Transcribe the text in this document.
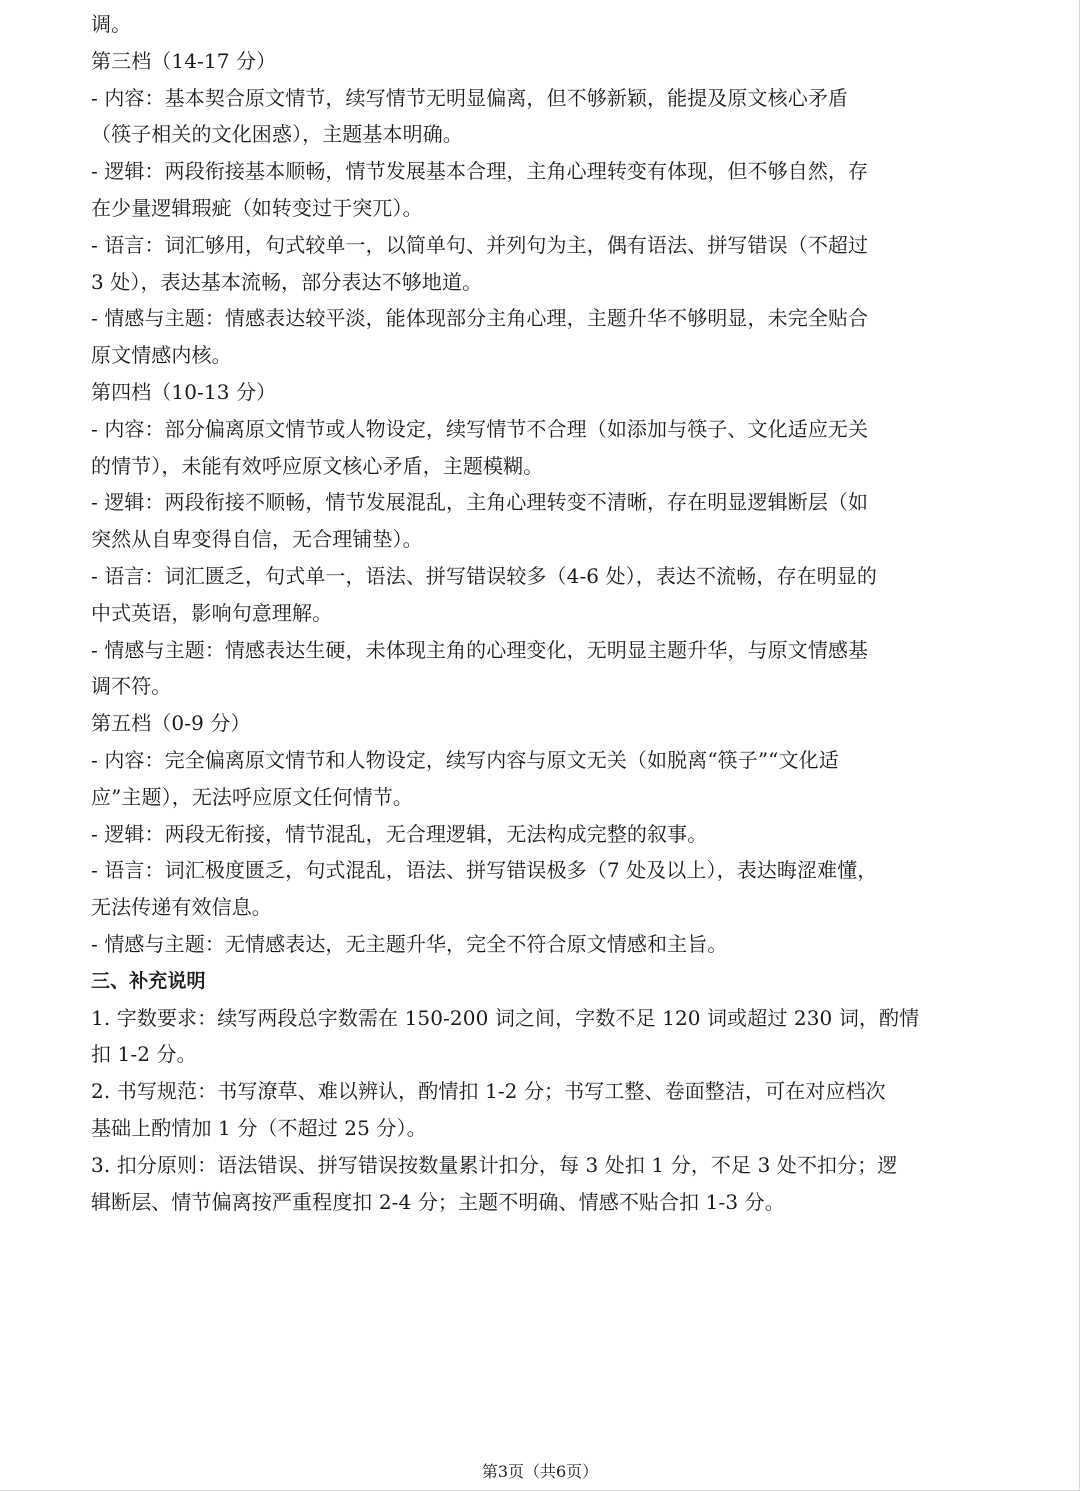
调。
第三档（14-17 分）
- 内容：基本契合原文情节，续写情节无明显偏离，但不够新颖，能提及原文核心矛盾
（筷子相关的文化困惑），主题基本明确。
- 逻辑：两段衔接基本顺畅，情节发展基本合理，主角心理转变有体现，但不够自然，存
在少量逻辑瑕疵（如转变过于突兀）。
- 语言：词汇够用，句式较单一，以简单句、并列句为主，偶有语法、拼写错误（不超过
3 处），表达基本流畅，部分表达不够地道。
- 情感与主题：情感表达较平淡，能体现部分主角心理，主题升华不够明显，未完全贴合
原文情感内核。
第四档（10-13 分）
- 内容：部分偏离原文情节或人物设定，续写情节不合理（如添加与筷子、文化适应无关
的情节），未能有效呼应原文核心矛盾，主题模糊。
- 逻辑：两段衔接不顺畅，情节发展混乱，主角心理转变不清晰，存在明显逻辑断层（如
突然从自卑变得自信，无合理铺垫）。
- 语言：词汇匮乏，句式单一，语法、拼写错误较多（4-6 处），表达不流畅，存在明显的
中式英语，影响句意理解。
- 情感与主题：情感表达生硬，未体现主角的心理变化，无明显主题升华，与原文情感基
调不符。
第五档（0-9 分）
- 内容：完全偏离原文情节和人物设定，续写内容与原文无关（如脱离“筷子”“文化适
应”主题），无法呼应原文任何情节。
- 逻辑：两段无衔接，情节混乱，无合理逻辑，无法构成完整的叙事。
- 语言：词汇极度匮乏，句式混乱，语法、拼写错误极多（7 处及以上），表达晦涩难懂，
无法传递有效信息。
- 情感与主题：无情感表达，无主题升华，完全不符合原文情感和主旨。
三、补充说明
1. 字数要求：续写两段总字数需在 150-200 词之间，字数不足 120 词或超过 230 词，酌情
扣 1-2 分。
2. 书写规范：书写潦草、难以辨认，酌情扣 1-2 分；书写工整、卷面整洁，可在对应档次
基础上酌情加 1 分（不超过 25 分）。
3. 扣分原则：语法错误、拼写错误按数量累计扣分，每 3 处扣 1 分，不足 3 处不扣分；逻
辑断层、情节偏离按严重程度扣 2-4 分；主题不明确、情感不贴合扣 1-3 分。
第3页（共6页）
